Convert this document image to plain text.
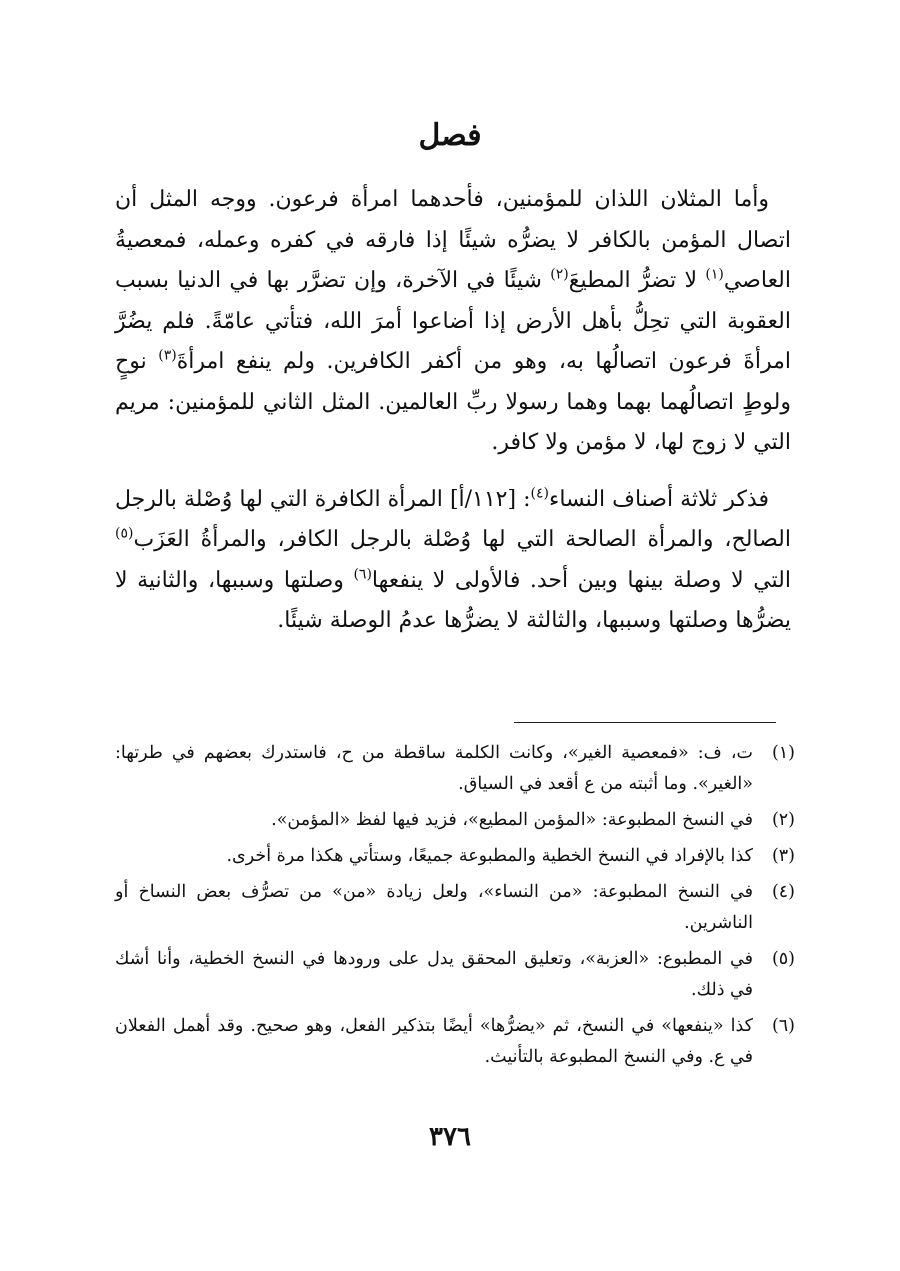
فصل

وأما المثلان اللذان للمؤمنين، فأحدهما امرأة فرعون. ووجه المثل أن اتصال المؤمن بالكافر لا يضرُّه شيئًا إذا فارقه في كفره وعمله، فمعصيةُ العاصي$^{(١)}$ لا تضرُّ المطيعَ$^{(٢)}$ شيئًا في الآخرة، وإن تضرَّر بها في الدنيا بسبب العقوبة التي تحِلُّ بأهل الأرض إذا أضاعوا أمرَ الله، فتأتي عامّةً. فلم يضُرَّ امرأةَ فرعون اتصالُها به، وهو من أكفر الكافرين. ولم ينفع امرأةَ$^{(٣)}$ نوحٍ ولوطٍ اتصالُهما بهما وهما رسولا ربِّ العالمين. المثل الثاني للمؤمنين: مريم التي لا زوج لها، لا مؤمن ولا كافر.

فذكر ثلاثة أصناف النساء$^{(٤)}$: [١١٢/أ] المرأة الكافرة التي لها وُصْلة بالرجل الصالح، والمرأة الصالحة التي لها وُصْلة بالرجل الكافر، والمرأةُ العَزَب$^{(٥)}$ التي لا وصلة بينها وبين أحد. فالأولى لا ينفعها$^{(٦)}$ وصلتها وسببها، والثانية لا يضرُّها وصلتها وسببها، والثالثة لا يضرُّها عدمُ الوصلة شيئًا.

(١)
ت، ف: «فمعصية الغير»، وكانت الكلمة ساقطة من ح، فاستدرك بعضهم في طرتها: «الغير». وما أثبته من ع أقعد في السياق.
(٢)
في النسخ المطبوعة: «المؤمن المطيع»، فزيد فيها لفظ «المؤمن».
(٣)
كذا بالإفراد في النسخ الخطية والمطبوعة جميعًا، وستأتي هكذا مرة أخرى.
(٤)
في النسخ المطبوعة: «من النساء»، ولعل زيادة «من» من تصرُّف بعض النساخ أو الناشرين.
(٥)
في المطبوع: «العزبة»، وتعليق المحقق يدل على ورودها في النسخ الخطية، وأنا أشك في ذلك.
(٦)
كذا «ينفعها» في النسخ، ثم «يضرُّها» أيضًا بتذكير الفعل، وهو صحيح. وقد أهمل الفعلان في ع. وفي النسخ المطبوعة بالتأنيث.
٣٧٦
